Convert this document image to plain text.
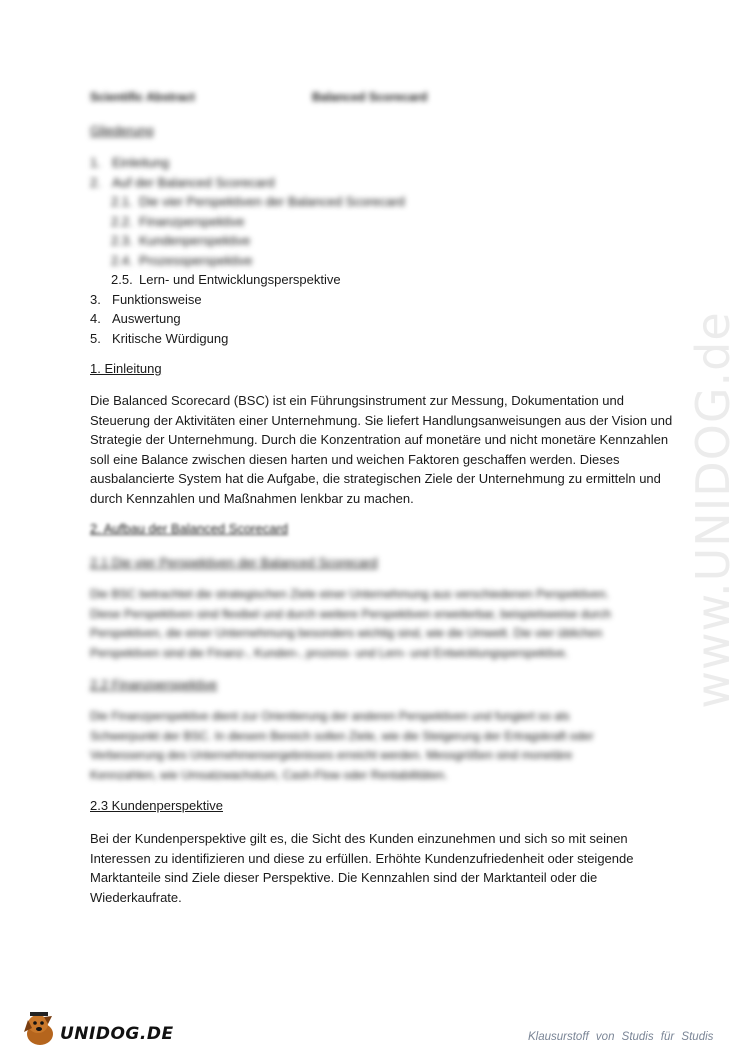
www.UNIDOG.de
Scientific Abstract	Balanced Scorecard
Gliederung
1. Einleitung
2. Auf der Balanced Scorecard
2.1. Die vier Perspektiven der Balanced Scorecard
2.2. Finanzperspektive
2.3. Kundenperspektive
2.4. Prozessperspektive
2.5. Lern- und Entwicklungsperspektive
3. Funktionsweise
4. Auswertung
5. Kritische Würdigung
1. Einleitung
Die Balanced Scorecard (BSC) ist ein Führungsinstrument zur Messung, Dokumentation und
Steuerung der Aktivitäten einer Unternehmung. Sie liefert Handlungsanweisungen aus der Vision und
Strategie der Unternehmung. Durch die Konzentration auf monetäre und nicht monetäre Kennzahlen
soll eine Balance zwischen diesen harten und weichen Faktoren geschaffen werden. Dieses
ausbalancierte System hat die Aufgabe, die strategischen Ziele der Unternehmung zu ermitteln und
durch Kennzahlen und Maßnahmen lenkbar zu machen.
2. Aufbau der Balanced Scorecard
2.1 Die vier Perspektiven der Balanced Scorecard
Die BSC betrachtet die strategischen Ziele einer Unternehmung aus verschiedenen Perspektiven.
Diese Perspektiven sind flexibel und durch weitere Perspektiven erweiterbar, beispielsweise durch
Perspektiven, die einer Unternehmung besonders wichtig sind, wie die Umwelt. Die vier üblichen
Perspektiven sind die Finanz-, Kunden-, prozess- und Lern- und Entwicklungsperspektive.
2.2 Finanzperspektive
Die Finanzperspektive dient zur Orientierung der anderen Perspektiven und fungiert so als
Schwerpunkt der BSC. In diesem Bereich sollen Ziele, wie die Steigerung der Ertragskraft oder
Verbesserung des Unternehmensergebnisses erreicht werden. Messgrößen sind monetäre
Kennzahlen, wie Umsatzwachstum, Cash-Flow oder Rentabilitäten.
2.3 Kundenperspektive
Bei der Kundenperspektive gilt es, die Sicht des Kunden einzunehmen und sich so mit seinen
Interessen zu identifizieren und diese zu erfüllen. Erhöhte Kundenzufriedenheit oder steigende
Marktanteile sind Ziele dieser Perspektive. Die Kennzahlen sind der Marktanteil oder die
Wiederkaufrate.
UNIDOG.DE	Klausurstoff von Studis für Studis
